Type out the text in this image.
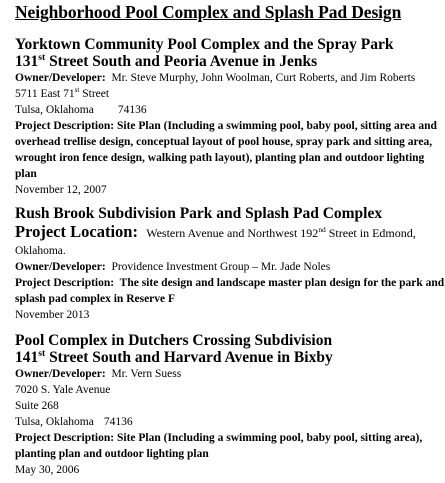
Neighborhood Pool Complex and Splash Pad Design
Yorktown Community Pool Complex and the Spray Park
131st Street South and Peoria Avenue in Jenks
Owner/Developer: Mr. Steve Murphy, John Woolman, Curt Roberts, and Jim Roberts
5711 East 71st Street
Tulsa, Oklahoma 74136
Project Description: Site Plan (Including a swimming pool, baby pool, sitting area and overhead trellise design, conceptual layout of pool house, spray park and sitting area, wrought iron fence design, walking path layout), planting plan and outdoor lighting plan
November 12, 2007
Rush Brook Subdivision Park and Splash Pad Complex
Project Location: Western Avenue and Northwest 192nd Street in Edmond,
Oklahoma.
Owner/Developer: Providence Investment Group – Mr. Jade Noles
Project Description: The site design and landscape master plan design for the park and splash pad complex in Reserve F
November 2013
Pool Complex in Dutchers Crossing Subdivision
141st Street South and Harvard Avenue in Bixby
Owner/Developer: Mr. Vern Suess
7020 S. Yale Avenue
Suite 268
Tulsa, Oklahoma 74136
Project Description: Site Plan (Including a swimming pool, baby pool, sitting area), planting plan and outdoor lighting plan
May 30, 2006
